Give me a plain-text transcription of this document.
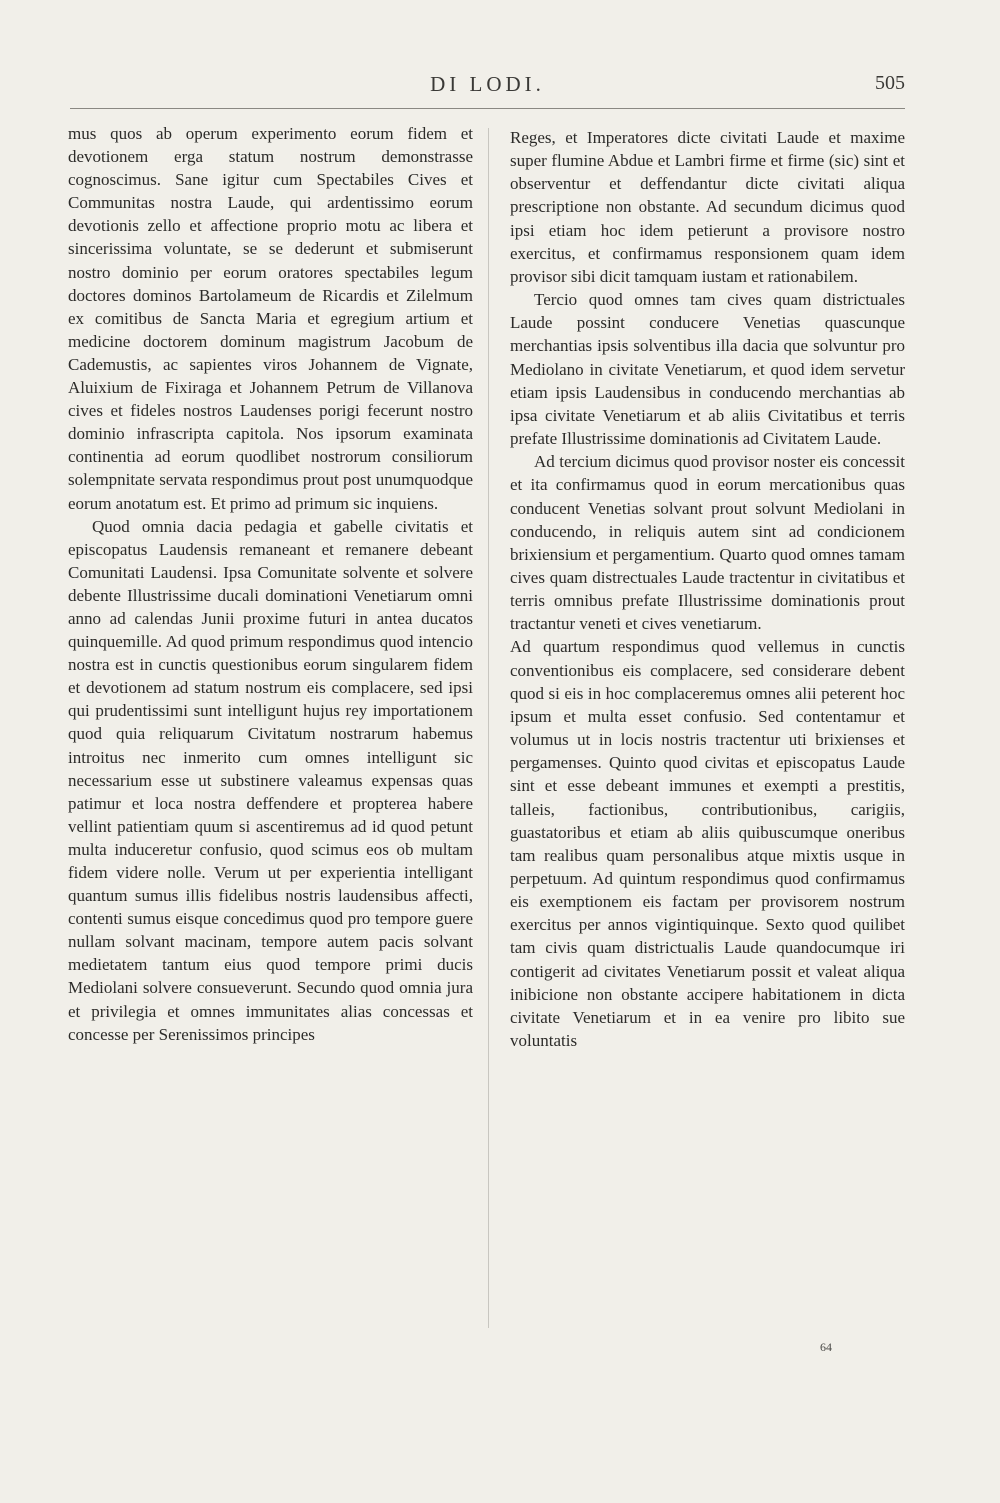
DI LODI.	505

mus quos ab operum experimento eorum fidem et devotionem erga statum nostrum demonstrasse cognoscimus. Sane igitur cum Spectabiles Cives et Communitas nostra Laude, qui ardentissimo eorum devotionis zello et affectione proprio motu ac libera et sincerissima voluntate, se se dederunt et submiserunt nostro dominio per eorum oratores spectabiles legum doctores dominos Bartolameum de Ricardis et Zilelmum ex comitibus de Sancta Maria et egregium artium et medicine doctorem dominum magistrum Jacobum de Cademustis, ac sapientes viros Johannem de Vignate, Aluixium de Fixiraga et Johannem Petrum de Villanova cives et fideles nostros Laudenses porigi fecerunt nostro dominio infrascripta capitola. Nos ipsorum examinata continentia ad eorum quodlibet nostrorum consiliorum solempnitate servata respondimus prout post unumquodque eorum anotatum est. Et primo ad primum sic inquiens.

Quod omnia dacia pedagia et gabelle civitatis et episcopatus Laudensis remaneant et remanere debeant Comunitati Laudensi. Ipsa Comunitate solvente et solvere debente Illustrissime ducali dominationi Venetiarum omni anno ad calendas Junii proxime futuri in antea ducatos quinquemille. Ad quod primum respondimus quod intencio nostra est in cunctis questionibus eorum singularem fidem et devotionem ad statum nostrum eis complacere, sed ipsi qui prudentissimi sunt intelligunt hujus rey importationem quod quia reliquarum Civitatum nostrarum habemus introitus nec inmerito cum omnes intelligunt sic necessarium esse ut substinere valeamus expensas quas patimur et loca nostra deffendere et propterea habere vellint patientiam quum si ascentiremus ad id quod petunt multa induceretur confusio, quod scimus eos ob multam fidem videre nolle. Verum ut per experientia intelligant quantum sumus illis fidelibus nostris laudensibus affecti, contenti sumus eisque concedimus quod pro tempore guere nullam solvant macinam, tempore autem pacis solvant medietatem tantum eius quod tempore primi ducis Mediolani solvere consueverunt. Secundo quod omnia jura et privilegia et omnes immunitates alias concessas et concesse per Serenissimos principes

Reges, et Imperatores dicte civitati Laude et maxime super flumine Abdue et Lambri firme et firme (sic) sint et observentur et deffendantur dicte civitati aliqua prescriptione non obstante. Ad secundum dicimus quod ipsi etiam hoc idem petierunt a provisore nostro exercitus, et confirmamus responsionem quam idem provisor sibi dicit tamquam iustam et rationabilem.

Tercio quod omnes tam cives quam districtuales Laude possint conducere Venetias quascunque merchantias ipsis solventibus illa dacia que solvuntur pro Mediolano in civitate Venetiarum, et quod idem servetur etiam ipsis Laudensibus in conducendo merchantias ab ipsa civitate Venetiarum et ab aliis Civitatibus et terris prefate Illustrissime dominationis ad Civitatem Laude.

Ad tercium dicimus quod provisor noster eis concessit et ita confirmamus quod in eorum mercationibus quas conducent Venetias solvant prout solvunt Mediolani in conducendo, in reliquis autem sint ad condicionem brixiensium et pergamentium. Quarto quod omnes tamam cives quam distrectuales Laude tractentur in civitatibus et terris omnibus prefate Illustrissime dominationis prout tractantur veneti et cives venetiarum.

Ad quartum respondimus quod vellemus in cunctis conventionibus eis complacere, sed considerare debent quod si eis in hoc complaceremus omnes alii peterent hoc ipsum et multa esset confusio. Sed contentamur et volumus ut in locis nostris tractentur uti brixienses et pergamenses. Quinto quod civitas et episcopatus Laude sint et esse debeant immunes et exempti a prestitis, talleis, factionibus, contributionibus, carigiis, guastatoribus et etiam ab aliis quibuscumque oneribus tam realibus quam personalibus atque mixtis usque in perpetuum. Ad quintum respondimus quod confirmamus eis exemptionem eis factam per provisorem nostrum exercitus per annos vigintiquinque. Sexto quod quilibet tam civis quam districtualis Laude quandocumque iri contigerit ad civitates Venetiarum possit et valeat aliqua inibicione non obstante accipere habitationem in dicta civitate Venetiarum et in ea venire pro libito sue voluntatis

64
